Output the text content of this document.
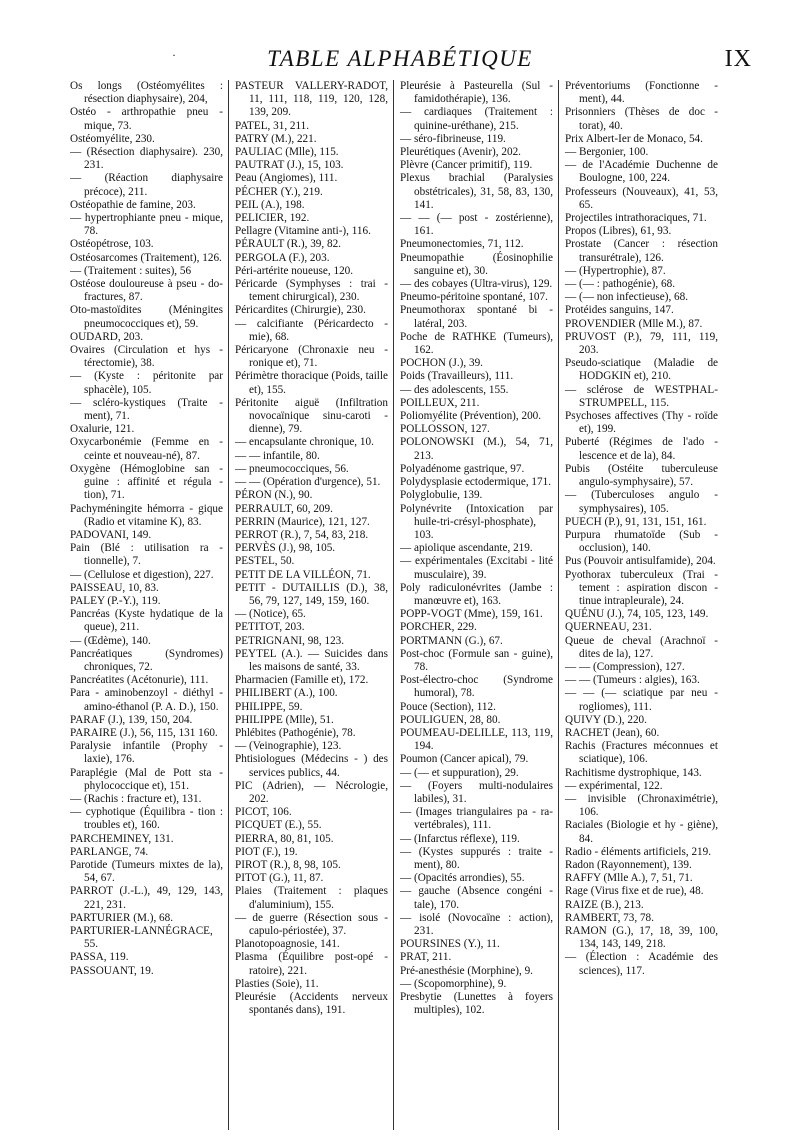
·	TABLE ALPHABÉTIQUE	IX
Os longs (Ostéomyélites : résection diaphysaire), 204,
Ostéo - arthropathie pneu - mique, 73.
Ostéomyélite, 230.
— (Résection diaphysaire). 230, 231.
— (Réaction diaphysaire précoce), 211.
Ostéopathie de famine, 203.
— hypertrophiante pneu - mique, 78.
Ostéopétrose, 103.
Ostéosarcomes (Traitement), 126.
— (Traitement : suites), 56
Ostéose douloureuse à pseu - do-fractures, 87.
Oto-mastoïdites (Méningites pneumococciques et), 59.
OUDARD, 203.
Ovaires (Circulation et hys - térectomie), 38.
— (Kyste : péritonite par sphacèle), 105.
— scléro-kystiques (Traite - ment), 71.
Oxalurie, 121.
Oxycarbonémie (Femme en - ceinte et nouveau-né), 87.
Oxygène (Hémoglobine san - guine : affinité et régula - tion), 71.
Pachyméningite hémorra - gique (Radio et vitamine K), 83.
PADOVANI, 149.
Pain (Blé : utilisation ra - tionnelle), 7.
— (Cellulose et digestion), 227.
PAISSEAU, 10, 83.
PALEY (P.-Y.), 119.
Pancréas (Kyste hydatique de la queue), 211.
— (Œdème), 140.
Pancréatiques (Syndromes) chroniques, 72.
Pancréatites (Acétonurie), 111.
Para - aminobenzoyl - diéthyl - amino-éthanol (P. A. D.), 150.
PARAF (J.), 139, 150, 204.
PARAIRE (J.), 56, 115, 131 160.
Paralysie infantile (Prophy - laxie), 176.
Paraplégie (Mal de Pott sta - phylococcique et), 151.
— (Rachis : fracture et), 131.
— cyphotique (Équilibra - tion : troubles et), 160.
PARCHEMINEY, 131.
PARLANGE, 74.
Parotide (Tumeurs mixtes de la), 54, 67.
PARROT (J.-L.), 49, 129, 143, 221, 231.
PARTURIER (M.), 68.
PARTURIER-LANNÉGRACE, 55.
PASSA, 119.
PASSOUANT, 19.
PASTEUR VALLERY-RADOT, 11, 111, 118, 119, 120, 128, 139, 209.
PATEL, 31, 211.
PATRY (M.), 221.
PAULIAC (Mlle), 115.
PAUTRAT (J.), 15, 103.
Peau (Angiomes), 111.
PÉCHER (Y.), 219.
PEIL (A.), 198.
PELICIER, 192.
Pellagre (Vitamine anti-), 116.
PÉRAULT (R.), 39, 82.
PERGOLA (F.), 203.
Péri-artérite noueuse, 120.
Péricarde (Symphyses : trai - tement chirurgical), 230.
Péricardites (Chirurgie), 230.
— calcifiante (Péricardecto - mie), 68.
Péricaryone (Chronaxie neu - ronique et), 71.
Périmètre thoracique (Poids, taille et), 155.
Péritonite aiguë (Infiltration novocaïnique sinu-caroti - dienne), 79.
— encapsulante chronique, 10.
— — infantile, 80.
— pneumococciques, 56.
— — (Opération d'urgence), 51.
PÉRON (N.), 90.
PERRAULT, 60, 209.
PERRIN (Maurice), 121, 127.
PERROT (R.), 7, 54, 83, 218.
PERVÈS (J.), 98, 105.
PESTEL, 50.
PETIT DE LA VILLÉON, 71.
PETIT - DUTAILLIS (D.), 38, 56, 79, 127, 149, 159, 160.
— (Notice), 65.
PETITOT, 203.
PETRIGNANI, 98, 123.
PEYTEL (A.). — Suicides dans les maisons de santé, 33.
Pharmacien (Famille et), 172.
PHILIBERT (A.), 100.
PHILIPPE, 59.
PHILIPPE (Mlle), 51.
Phlébites (Pathogénie), 78.
— (Veinographie), 123.
Phtisiologues (Médecins - ) des services publics, 44.
PIC (Adrien), — Nécrologie, 202.
PICOT, 106.
PICQUET (E.), 55.
PIERRA, 80, 81, 105.
PIOT (F.), 19.
PIROT (R.), 8, 98, 105.
PITOT (G.), 11, 87.
Plaies (Traitement : plaques d'aluminium), 155.
— de guerre (Résection sous - capulo-périostée), 37.
Planotopoagnosie, 141.
Plasma (Équilibre post-opé - ratoire), 221.
Plasties (Soie), 11.
Pleurésie (Accidents nerveux spontanés dans), 191.
Pleurésie à Pasteurella (Sul - famidothérapie), 136.
— cardiaques (Traitement : quinine-uréthane), 215.
— séro-fibrineuse, 119.
Pleurétiques (Avenir), 202.
Plèvre (Cancer primitif), 119.
Plexus brachial (Paralysies obstétricales), 31, 58, 83, 130, 141.
— — (— post - zostérienne), 161.
Pneumonectomies, 71, 112.
Pneumopathie (Éosinophilie sanguine et), 30.
— des cobayes (Ultra-virus), 129.
Pneumo-péritoine spontané, 107.
Pneumothorax spontané bi - latéral, 203.
Poche de RATHKE (Tumeurs), 162.
POCHON (J.), 39.
Poids (Travailleurs), 111.
— des adolescents, 155.
POILLEUX, 211.
Poliomyélite (Prévention), 200.
POLLOSSON, 127.
POLONOWSKI (M.), 54, 71, 213.
Polyadénome gastrique, 97.
Polydysplasie ectodermique, 171.
Polyglobulie, 139.
Polynévrite (Intoxication par huile-tri-crésyl-phosphate), 103.
— apiolique ascendante, 219.
— expérimentales (Excitabi - lité musculaire), 39.
Poly radiculonévrites (Jambe : manœuvre et), 163.
POPP-VOGT (Mme), 159, 161.
PORCHER, 229.
PORTMANN (G.), 67.
Post-choc (Formule san - guine), 78.
Post-électro-choc (Syndrome humoral), 78.
Pouce (Section), 112.
POULIGUEN, 28, 80.
POUMEAU-DELILLE, 113, 119, 194.
Poumon (Cancer apical), 79.
— (— et suppuration), 29.
— (Foyers multi-nodulaires labiles), 31.
— (Images triangulaires pa - ra-vertébrales), 111.
— (Infarctus réflexe), 119.
— (Kystes suppurés : traite - ment), 80.
— (Opacités arrondies), 55.
— gauche (Absence congéni - tale), 170.
— isolé (Novocaïne : action), 231.
POURSINES (Y.), 11.
PRAT, 211.
Pré-anesthésie (Morphine), 9.
— (Scopomorphine), 9.
Presbytie (Lunettes à foyers multiples), 102.
Préventoriums (Fonctionne - ment), 44.
Prisonniers (Thèses de doc - torat), 40.
Prix Albert-Ier de Monaco, 54.
— Bergonier, 100.
— de l'Académie Duchenne de Boulogne, 100, 224.
Professeurs (Nouveaux), 41, 53, 65.
Projectiles intrathoraciques, 71.
Propos (Libres), 61, 93.
Prostate (Cancer : résection transurétrale), 126.
— (Hypertrophie), 87.
— (— : pathogénie), 68.
— (— non infectieuse), 68.
Protéides sanguins, 147.
PROVENDIER (Mlle M.), 87.
PRUVOST (P.), 79, 111, 119, 203.
Pseudo-sciatique (Maladie de HODGKIN et), 210.
— sclérose de WESTPHAL-STRUMPELL, 115.
Psychoses affectives (Thy - roïde et), 199.
Puberté (Régimes de l'ado - lescence et de la), 84.
Pubis (Ostéite tuberculeuse angulo-symphysaire), 57.
— (Tuberculoses angulo - symphysaires), 105.
PUECH (P.), 91, 131, 151, 161.
Purpura rhumatoïde (Sub - occlusion), 140.
Pus (Pouvoir antisulfamide), 204.
Pyothorax tuberculeux (Trai - tement : aspiration discon - tinue intrapleurale), 24.
QUÉNU (J.), 74, 105, 123, 149.
QUERNEAU, 231.
Queue de cheval (Arachnoï - dites de la), 127.
— — (Compression), 127.
— — (Tumeurs : algies), 163.
— — (— sciatique par neu - rogliomes), 111.
QUIVY (D.), 220.
RACHET (Jean), 60.
Rachis (Fractures méconnues et sciatique), 106.
Rachitisme dystrophique, 143.
— expérimental, 122.
— invisible (Chronaximétrie), 106.
Raciales (Biologie et hy - giène), 84.
Radio - éléments artificiels, 219.
Radon (Rayonnement), 139.
RAFFY (Mlle A.), 7, 51, 71.
Rage (Virus fixe et de rue), 48.
RAIZE (B.), 213.
RAMBERT, 73, 78.
RAMON (G.), 17, 18, 39, 100, 134, 143, 149, 218.
— (Élection : Académie des sciences), 117.
